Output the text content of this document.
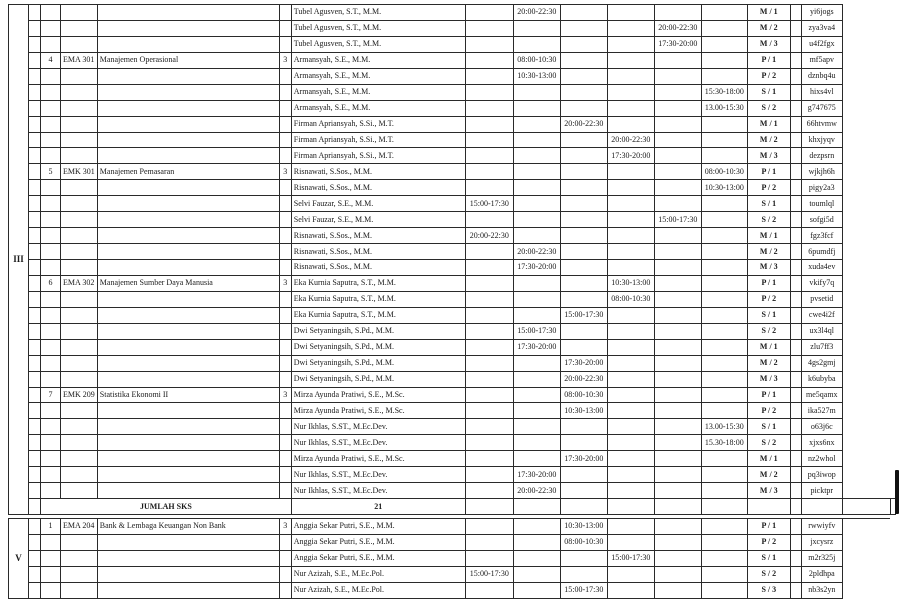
III						Tubel Agusven, S.T., M.M.		20:00-22:30					M / 1		yi6jogs		
						Tubel Agusven, S.T., M.M.					20:00-22:30		M / 2		zya3va4		
						Tubel Agusven, S.T., M.M.					17:30-20:00		M / 3		u4f2fgx		
		4	EMA 301	Manajemen Operasional	3	Armansyah, S.E., M.M.		08:00-10:30					P / 1		mf5apv		
						Armansyah, S.E., M.M.		10:30-13:00					P / 2		dznbq4u		
						Armansyah, S.E., M.M.						15:30-18:00	S / 1		hixs4vl		
						Armansyah, S.E., M.M.						13.00-15:30	S / 2		g747675		
						Firman Apriansyah, S.Si., M.T.			20:00-22:30				M / 1		66htvmw		
						Firman Apriansyah, S.Si., M.T.				20:00-22:30			M / 2		khxjyqv		
						Firman Apriansyah, S.Si., M.T.				17:30-20:00			M / 3		dezpsrn		
		5	EMK 301	Manajemen Pemasaran	3	Risnawati, S.Sos., M.M.						08:00-10:30	P / 1		wjkjh6h		
						Risnawati, S.Sos., M.M.						10:30-13:00	P / 2		pigy2a3		
						Selvi Fauzar, S.E., M.M.	15:00-17:30						S / 1		toumlql		
						Selvi Fauzar, S.E., M.M.					15:00-17:30		S / 2		sofgi5d		
						Risnawati, S.Sos., M.M.	20:00-22:30						M / 1		fgz3fcf		
						Risnawati, S.Sos., M.M.		20:00-22:30					M / 2		6pumdfj		
						Risnawati, S.Sos., M.M.		17:30-20:00					M / 3		xuda4ev		
		6	EMA 302	Manajemen Sumber Daya Manusia	3	Eka Kurnia Saputra, S.T., M.M.				10:30-13:00			P / 1		vkify7q		
						Eka Kurnia Saputra, S.T., M.M.				08:00-10:30			P / 2		pvsetid		
						Eka Kurnia Saputra, S.T., M.M.			15:00-17:30				S / 1		cwe4i2f		
						Dwi Setyaningsih, S.Pd., M.M.		15:00-17:30					S / 2		ux3l4ql		
						Dwi Setyaningsih, S.Pd., M.M.		17:30-20:00					M / 1		zlu7ff3		
						Dwi Setyaningsih, S.Pd., M.M.			17:30-20:00				M / 2		4gs2gmj		
						Dwi Setyaningsih, S.Pd., M.M.			20:00-22:30				M / 3		k6ubyba		
		7	EMK 209	Statistika Ekonomi II	3	Mirza Ayunda Pratiwi, S.E., M.Sc.			08:00-10:30				P / 1		me5qamx		
						Mirza Ayunda Pratiwi, S.E., M.Sc.			10:30-13:00				P / 2		ika527m		
						Nur Ikhlas, S.ST., M.Ec.Dev.						13.00-15:30	S / 1		o63j6c		
						Nur Ikhlas, S.ST., M.Ec.Dev.						15.30-18:00	S / 2		xjxs6nx		
						Mirza Ayunda Pratiwi, S.E., M.Sc.			17:30-20:00				M / 1		nz2whol		
						Nur Ikhlas, S.ST., M.Ec.Dev.		17:30-20:00					M / 2		pq3iwop		
						Nur Ikhlas, S.ST., M.Ec.Dev.		20:00-22:30					M / 3		picktpr		
		JUMLAH SKS				21											

V		1	EMA 204	Bank & Lembaga Keuangan Non Bank	3	Anggia Sekar Putri, S.E., M.M.			10:30-13:00				P / 1		rwwiyfv		
						Anggia Sekar Putri, S.E., M.M.			08:00-10:30				P / 2		jxcysrz		
						Anggia Sekar Putri, S.E., M.M.				15:00-17:30			S / 1		m2r325j		
						Nur Azizah, S.E., M.Ec.Pol.	15:00-17:30						S / 2		2pldhpa		
						Nur Azizah, S.E., M.Ec.Pol.			15:00-17:30				S / 3		nb3s2yn		
